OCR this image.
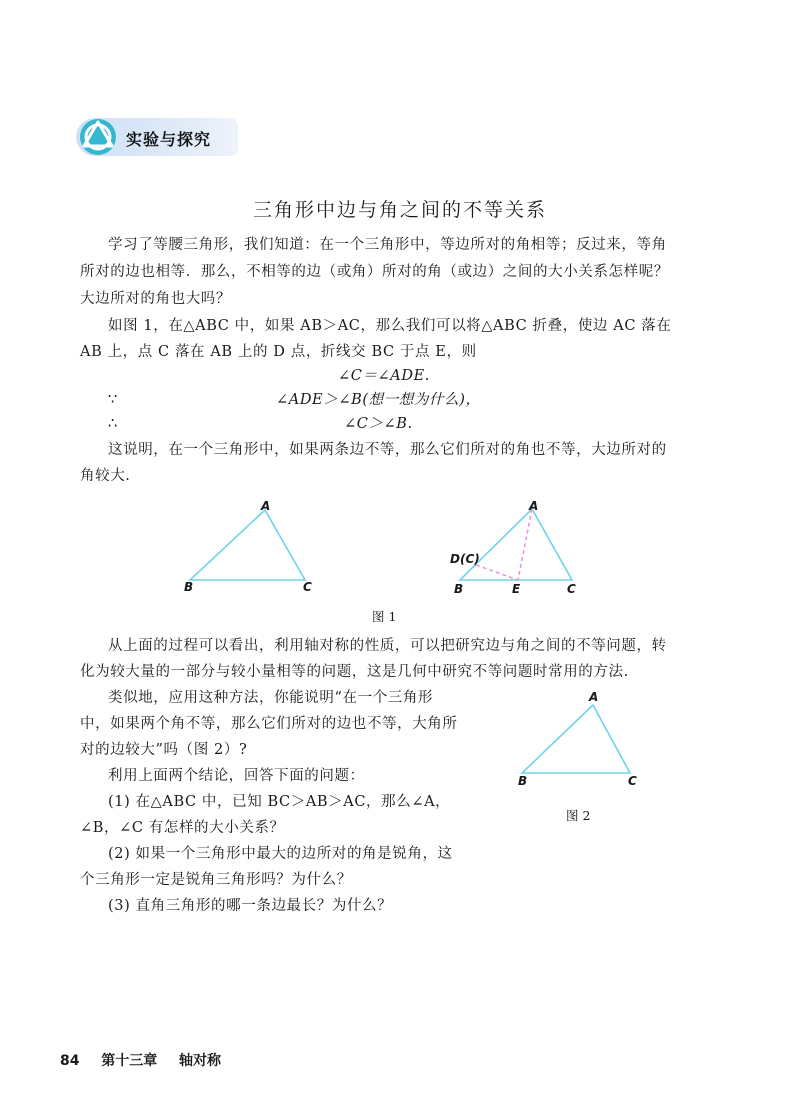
实验与探究
三角形中边与角之间的不等关系
学习了等腰三角形，我们知道：在一个三角形中，等边所对的角相等；反过来，等角
所对的边也相等．那么，不相等的边（或角）所对的角（或边）之间的大小关系怎样呢？
大边所对的角也大吗？
如图 1，在△ABC 中，如果 AB＞AC，那么我们可以将△ABC 折叠，使边 AC 落在
AB 上，点 C 落在 AB 上的 D 点，折线交 BC 于点 E，则
∠C＝∠ADE.
∵	∠ADE＞∠B(想一想为什么)，
∴	∠C＞∠B.
这说明，在一个三角形中，如果两条边不等，那么它们所对的角也不等，大边所对的
角较大.
A
B	C
A
D(C)
B	E	C
图 1
从上面的过程可以看出，利用轴对称的性质，可以把研究边与角之间的不等问题，转
化为较大量的一部分与较小量相等的问题，这是几何中研究不等问题时常用的方法.
类似地，应用这种方法，你能说明“在一个三角形
中，如果两个角不等，那么它们所对的边也不等，大角所
对的边较大”吗（图 2）?
利用上面两个结论，回答下面的问题：
(1) 在△ABC 中，已知 BC＞AB＞AC，那么∠A，
∠B，∠C 有怎样的大小关系？
(2) 如果一个三角形中最大的边所对的角是锐角，这
个三角形一定是锐角三角形吗？为什么？
(3) 直角三角形的哪一条边最长？为什么？
A
B	C
图 2
84 第十三章 轴对称
